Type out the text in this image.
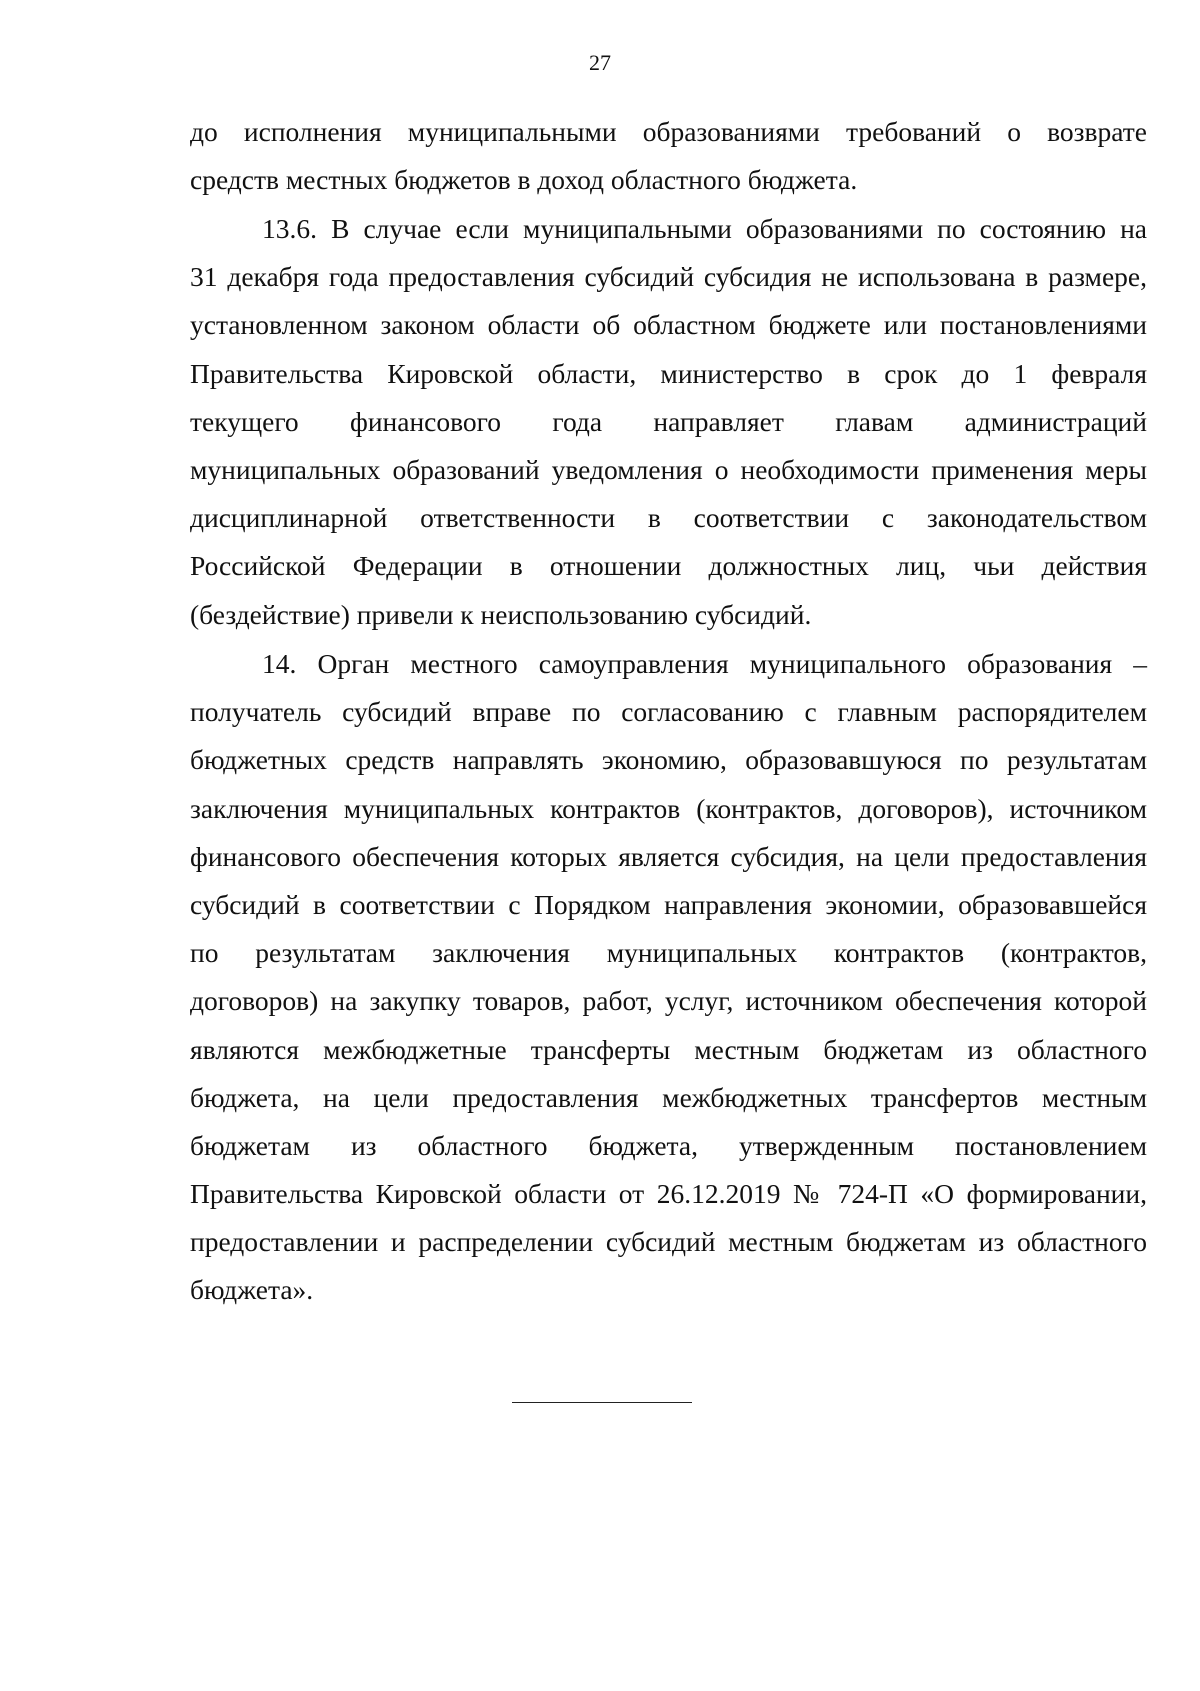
27
до исполнения муниципальными образованиями требований о возврате
средств местных бюджетов в доход областного бюджета.
13.6. В случае если муниципальными образованиями по состоянию на
31 декабря года предоставления субсидий субсидия не использована в размере,
установленном законом области об областном бюджете или постановлениями
Правительства Кировской области, министерство в срок до 1 февраля
текущего финансового года направляет главам администраций
муниципальных образований уведомления о необходимости применения меры
дисциплинарной ответственности в соответствии с законодательством
Российской Федерации в отношении должностных лиц, чьи действия
(бездействие) привели к неиспользованию субсидий.
14. Орган местного самоуправления муниципального образования –
получатель субсидий вправе по согласованию с главным распорядителем
бюджетных средств направлять экономию, образовавшуюся по результатам
заключения муниципальных контрактов (контрактов, договоров), источником
финансового обеспечения которых является субсидия, на цели предоставления
субсидий в соответствии с Порядком направления экономии, образовавшейся
по результатам заключения муниципальных контрактов (контрактов,
договоров) на закупку товаров, работ, услуг, источником обеспечения которой
являются межбюджетные трансферты местным бюджетам из областного
бюджета, на цели предоставления межбюджетных трансфертов местным
бюджетам из областного бюджета, утвержденным постановлением
Правительства Кировской области от 26.12.2019 № 724-П «О формировании,
предоставлении и распределении субсидий местным бюджетам из областного
бюджета».
